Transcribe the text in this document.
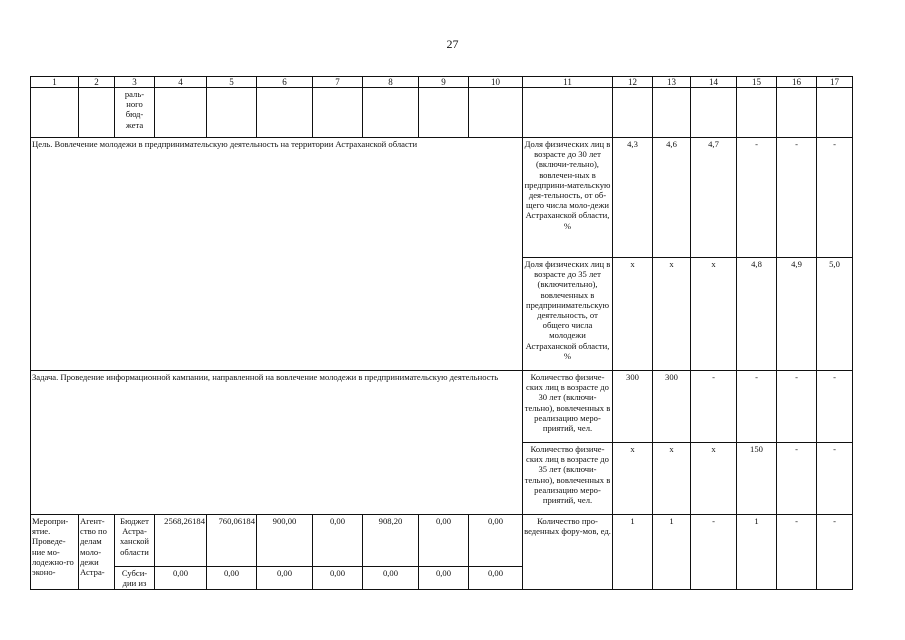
27
1	2	3	4	5	6	7	8	9	10	11	12	13	14	15	16	17
		раль-
ного
бюд-
жета														
Цель. Вовлечение молодежи в предпринимательскую деятельность на территории Астраханской области										Доля физических лиц в возрасте до 30 лет (включи-тельно), вовлечен-ных в предприни-мательскую дея-тельность, от об-щего числа моло-дежи Астраханской области, %	4,3	4,6	4,7	-	-	-
										Доля физических лиц в возрасте до 35 лет (включительно), вовлеченных в предпринимательскую деятельность, от общего числа молодежи Астраханской области, %	х	х	х	4,8	4,9	5,0
Задача. Проведение информационной кампании, направленной на вовлечение молодежи в предпринимательскую деятельность										Количество физиче-ских лиц в возрасте до 30 лет (включи-тельно), вовлеченных в реализацию меро-приятий, чел.	300	300	-	-	-	-
										Количество физиче-ских лиц в возрасте до 35 лет (включи-тельно), вовлеченных в реализацию меро-приятий, чел.	х	х	х	150	-	-
Меропри-ятие. Проведе-ние мо-лодежно-го эконо-	Агент-ство по делам моло-дежи Астра-	Бюджет Астра-ханской области	2568,26184	760,06184	900,00	0,00	908,20	0,00	0,00	Количество про-веденных фору-мов, ед.	1	1	-	1	-	-
		Субси-дии из	0,00	0,00	0,00	0,00	0,00	0,00	0,00							
